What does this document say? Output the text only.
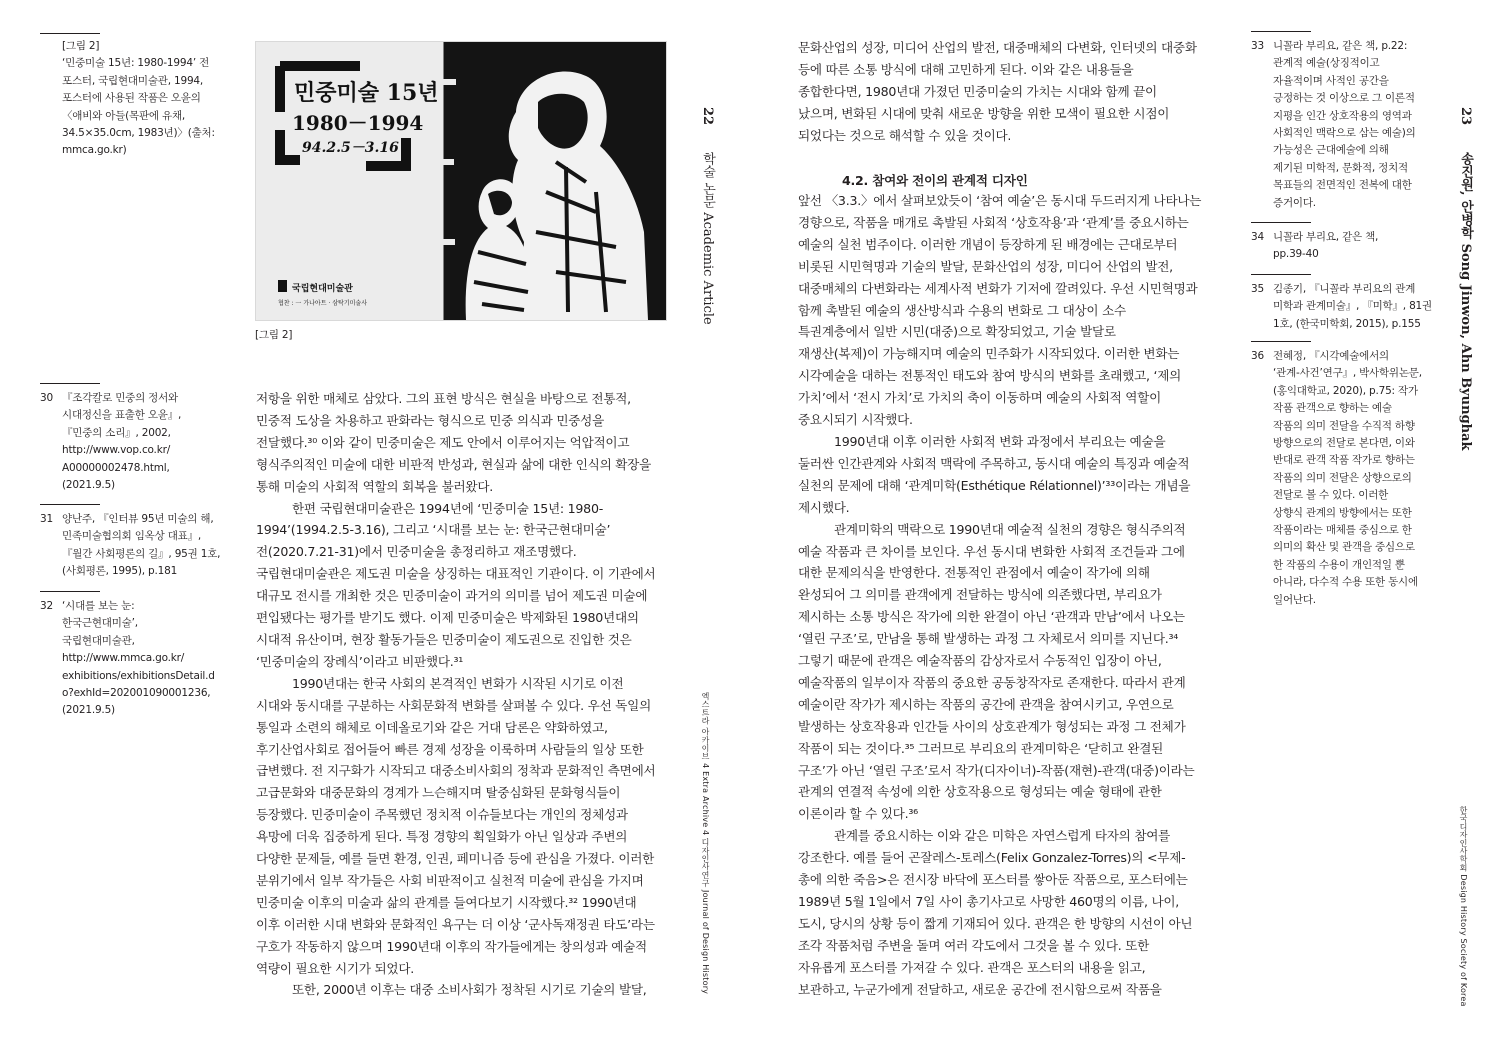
[그림 2]
‘민중미술 15년: 1980-1994’ 전
포스터, 국립현대미술관, 1994,
포스터에 사용된 작품은 오윤의
〈애비와 아들(목판에 유채,
34.5×35.0cm, 1983년)〉(출처:
mmca.go.kr)
민중미술 15년
1980－1994
94.2.5－3.16
국립현대미술관
협찬 : 一 가나아트 · 삼탁기미술사
[그림 2]
22
학술 논문 Academic Article
엑스트라 아카이브 4 Extra Archive 4 디자인사연구 Journal of Design History
30 『조각칼로 민중의 정서와
시대정신을 표출한 오윤』,
『민중의 소리』, 2002,
http://www.vop.co.kr/
A00000002478.html,
(2021.9.5)
31 양난주, 『인터뷰 95년 미술의 해,
민족미술협의회 임옥상 대표』,
『월간 사회평론의 길』, 95권 1호,
(사회평론, 1995), p.181
32 ‘시대를 보는 눈:
한국근현대미술’,
국립현대미술관,
http://www.mmca.go.kr/
exhibitions/exhibitionsDetail.d
o?exhId=202001090001236,
(2021.9.5)
저항을 위한 매체로 삼았다. 그의 표현 방식은 현실을 바탕으로 전통적,
민중적 도상을 차용하고 판화라는 형식으로 민중 의식과 민중성을
전달했다.³⁰ 이와 같이 민중미술은 제도 안에서 이루어지는 억압적이고
형식주의적인 미술에 대한 비판적 반성과, 현실과 삶에 대한 인식의 확장을
통해 미술의 사회적 역할의 회복을 불러왔다.
한편 국립현대미술관은 1994년에 ‘민중미술 15년: 1980-
1994’(1994.2.5-3.16), 그리고 ‘시대를 보는 눈: 한국근현대미술’
전(2020.7.21-31)에서 민중미술을 총정리하고 재조명했다.
국립현대미술관은 제도권 미술을 상징하는 대표적인 기관이다. 이 기관에서
대규모 전시를 개최한 것은 민중미술이 과거의 의미를 넘어 제도권 미술에
편입됐다는 평가를 받기도 했다. 이제 민중미술은 박제화된 1980년대의
시대적 유산이며, 현장 활동가들은 민중미술이 제도권으로 진입한 것은
‘민중미술의 장례식’이라고 비판했다.³¹
1990년대는 한국 사회의 본격적인 변화가 시작된 시기로 이전
시대와 동시대를 구분하는 사회문화적 변화를 살펴볼 수 있다. 우선 독일의
통일과 소련의 해체로 이데올로기와 같은 거대 담론은 약화하였고,
후기산업사회로 접어들어 빠른 경제 성장을 이룩하며 사람들의 일상 또한
급변했다. 전 지구화가 시작되고 대중소비사회의 정착과 문화적인 측면에서
고급문화와 대중문화의 경계가 느슨해지며 탈중심화된 문화형식들이
등장했다. 민중미술이 주목했던 정치적 이슈들보다는 개인의 정체성과
욕망에 더욱 집중하게 된다. 특정 경향의 획일화가 아닌 일상과 주변의
다양한 문제들, 예를 들면 환경, 인권, 페미니즘 등에 관심을 가졌다. 이러한
분위기에서 일부 작가들은 사회 비판적이고 실천적 미술에 관심을 가지며
민중미술 이후의 미술과 삶의 관계를 들여다보기 시작했다.³² 1990년대
이후 이러한 시대 변화와 문화적인 욕구는 더 이상 ‘군사독재정권 타도’라는
구호가 작동하지 않으며 1990년대 이후의 작가들에게는 창의성과 예술적
역량이 필요한 시기가 되었다.
또한, 2000년 이후는 대중 소비사회가 정착된 시기로 기술의 발달,
문화산업의 성장, 미디어 산업의 발전, 대중매체의 다변화, 인터넷의 대중화
등에 따른 소통 방식에 대해 고민하게 된다. 이와 같은 내용들을
종합한다면, 1980년대 가졌던 민중미술의 가치는 시대와 함께 끝이
났으며, 변화된 시대에 맞춰 새로운 방향을 위한 모색이 필요한 시점이
되었다는 것으로 해석할 수 있을 것이다.
4.2. 참여와 전이의 관계적 디자인
앞선 〈3.3.〉에서 살펴보았듯이 ‘참여 예술’은 동시대 두드러지게 나타나는
경향으로, 작품을 매개로 촉발된 사회적 ‘상호작용’과 ‘관계’를 중요시하는
예술의 실천 범주이다. 이러한 개념이 등장하게 된 배경에는 근대로부터
비롯된 시민혁명과 기술의 발달, 문화산업의 성장, 미디어 산업의 발전,
대중매체의 다변화라는 세계사적 변화가 기저에 깔려있다. 우선 시민혁명과
함께 촉발된 예술의 생산방식과 수용의 변화로 그 대상이 소수
특권계층에서 일반 시민(대중)으로 확장되었고, 기술 발달로
재생산(복제)이 가능해지며 예술의 민주화가 시작되었다. 이러한 변화는
시각예술을 대하는 전통적인 태도와 참여 방식의 변화를 초래했고, ‘제의
가치’에서 ‘전시 가치’로 가치의 축이 이동하며 예술의 사회적 역할이
중요시되기 시작했다.
1990년대 이후 이러한 사회적 변화 과정에서 부리요는 예술을
둘러싼 인간관계와 사회적 맥락에 주목하고, 동시대 예술의 특징과 예술적
실천의 문제에 대해 ‘관계미학(Esthétique Rélationnel)’³³이라는 개념을
제시했다.
관계미학의 맥락으로 1990년대 예술적 실천의 경향은 형식주의적
예술 작품과 큰 차이를 보인다. 우선 동시대 변화한 사회적 조건들과 그에
대한 문제의식을 반영한다. 전통적인 관점에서 예술이 작가에 의해
완성되어 그 의미를 관객에게 전달하는 방식에 의존했다면, 부리요가
제시하는 소통 방식은 작가에 의한 완결이 아닌 ‘관객과 만남’에서 나오는
‘열린 구조’로, 만남을 통해 발생하는 과정 그 자체로서 의미를 지닌다.³⁴
그렇기 때문에 관객은 예술작품의 감상자로서 수동적인 입장이 아닌,
예술작품의 일부이자 작품의 중요한 공동창작자로 존재한다. 따라서 관계
예술이란 작가가 제시하는 작품의 공간에 관객을 참여시키고, 우연으로
발생하는 상호작용과 인간들 사이의 상호관계가 형성되는 과정 그 전체가
작품이 되는 것이다.³⁵ 그러므로 부리요의 관계미학은 ‘닫히고 완결된
구조’가 아닌 ‘열린 구조’로서 작가(디자이너)-작품(재현)-관객(대중)이라는
관계의 연결적 속성에 의한 상호작용으로 형성되는 예술 형태에 관한
이론이라 할 수 있다.³⁶
관계를 중요시하는 이와 같은 미학은 자연스럽게 타자의 참여를
강조한다. 예를 들어 곤잘레스-토레스(Felix Gonzalez-Torres)의 <무제-
총에 의한 죽음>은 전시장 바닥에 포스터를 쌓아둔 작품으로, 포스터에는
1989년 5월 1일에서 7일 사이 총기사고로 사망한 460명의 이름, 나이,
도시, 당시의 상황 등이 짧게 기재되어 있다. 관객은 한 방향의 시선이 아닌
조각 작품처럼 주변을 돌며 여러 각도에서 그것을 볼 수 있다. 또한
자유롭게 포스터를 가져갈 수 있다. 관객은 포스터의 내용을 읽고,
보관하고, 누군가에게 전달하고, 새로운 공간에 전시함으로써 작품을
33 니꼴라 부리요, 같은 책, p.22:
관계적 예술(상징적이고
자율적이며 사적인 공간을
긍정하는 것 이상으로 그 이론적
지평을 인간 상호작용의 영역과
사회적인 맥락으로 삼는 예술)의
가능성은 근대예술에 의해
제기된 미학적, 문화적, 정치적
목표들의 전면적인 전복에 대한
증거이다.
34 니꼴라 부리요, 같은 책,
pp.39-40
35 김종기, 『니꼴라 부리요의 관계
미학과 관계미술』, 『미학』, 81권
1호, (한국미학회, 2015), p.155
36 전혜정, 『시각예술에서의
‘관계-사건’연구』, 박사학위논문,
(홍익대학교, 2020), p.75: 작가
작품 관객으로 향하는 예술
작품의 의미 전달을 수직적 하향
방향으로의 전달로 본다면, 이와
반대로 관객 작품 작가로 향하는
작품의 의미 전달은 상향으로의
전달로 볼 수 있다. 이러한
상향식 관계의 방향에서는 또한
작품이라는 매체를 중심으로 한
의미의 확산 및 관객을 중심으로
한 작품의 수용이 개인적일 뿐
아니라, 다수적 수용 또한 동시에
일어난다.
23
송진원, 안병학 Song Jinwon, Ahn Byunghak
한국디자인사학회 Design History Society of Korea
